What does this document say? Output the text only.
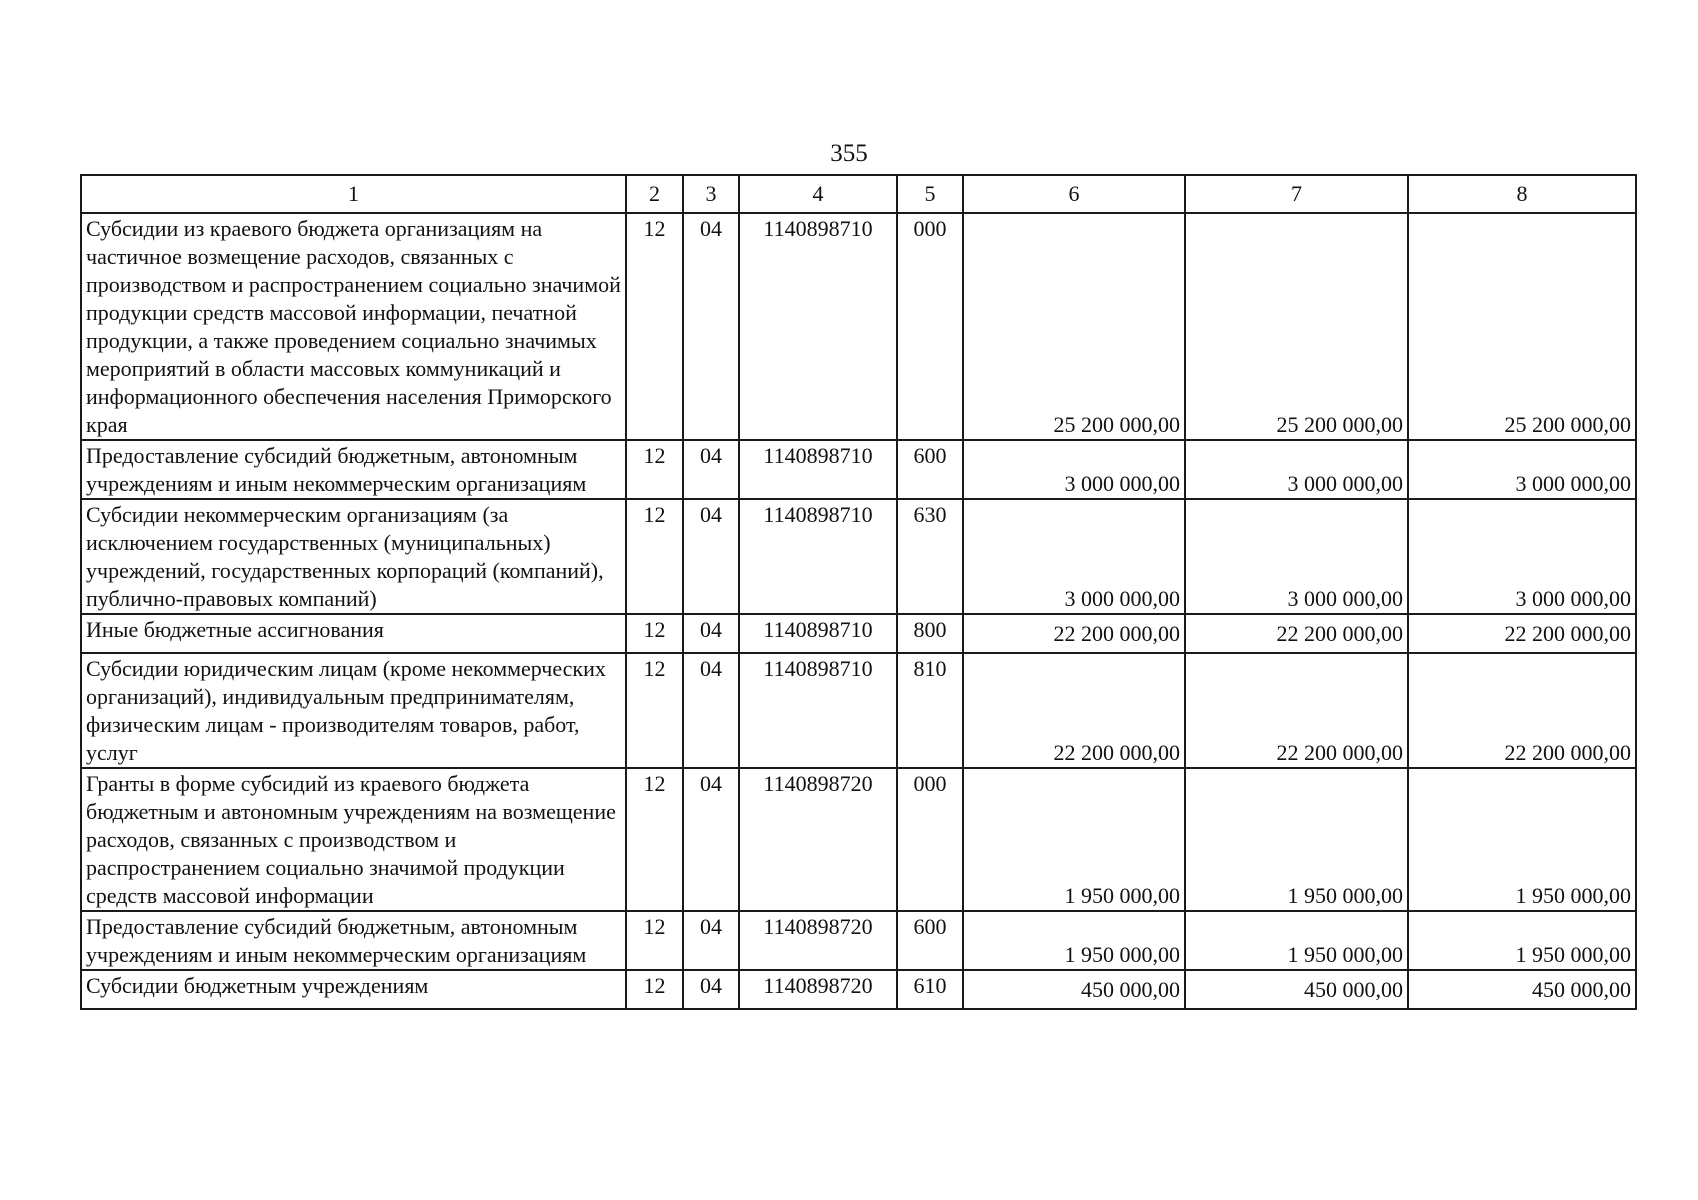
355
1	2	3	4	5	6	7	8
Субсидии из краевого бюджета организациям на частичное возмещение расходов, связанных с производством и распространением социально значимой продукции средств массовой информации, печатной продукции, а также проведением социально значимых мероприятий в области массовых коммуникаций и информационного обеспечения населения Приморского края	12	04	1140898710	000	25 200 000,00	25 200 000,00	25 200 000,00
Предоставление субсидий бюджетным, автономным учреждениям и иным некоммерческим организациям	12	04	1140898710	600	3 000 000,00	3 000 000,00	3 000 000,00
Субсидии некоммерческим организациям (за исключением государственных (муниципальных) учреждений, государственных корпораций (компаний), публично-правовых компаний)	12	04	1140898710	630	3 000 000,00	3 000 000,00	3 000 000,00
Иные бюджетные ассигнования	12	04	1140898710	800	22 200 000,00	22 200 000,00	22 200 000,00
Субсидии юридическим лицам (кроме некоммерческих организаций), индивидуальным предпринимателям, физическим лицам - производителям товаров, работ, услуг	12	04	1140898710	810	22 200 000,00	22 200 000,00	22 200 000,00
Гранты в форме субсидий из краевого бюджета бюджетным и автономным учреждениям на возмещение расходов, связанных с производством и распространением социально значимой продукции средств массовой информации	12	04	1140898720	000	1 950 000,00	1 950 000,00	1 950 000,00
Предоставление субсидий бюджетным, автономным учреждениям и иным некоммерческим организациям	12	04	1140898720	600	1 950 000,00	1 950 000,00	1 950 000,00
Субсидии бюджетным учреждениям	12	04	1140898720	610	450 000,00	450 000,00	450 000,00
